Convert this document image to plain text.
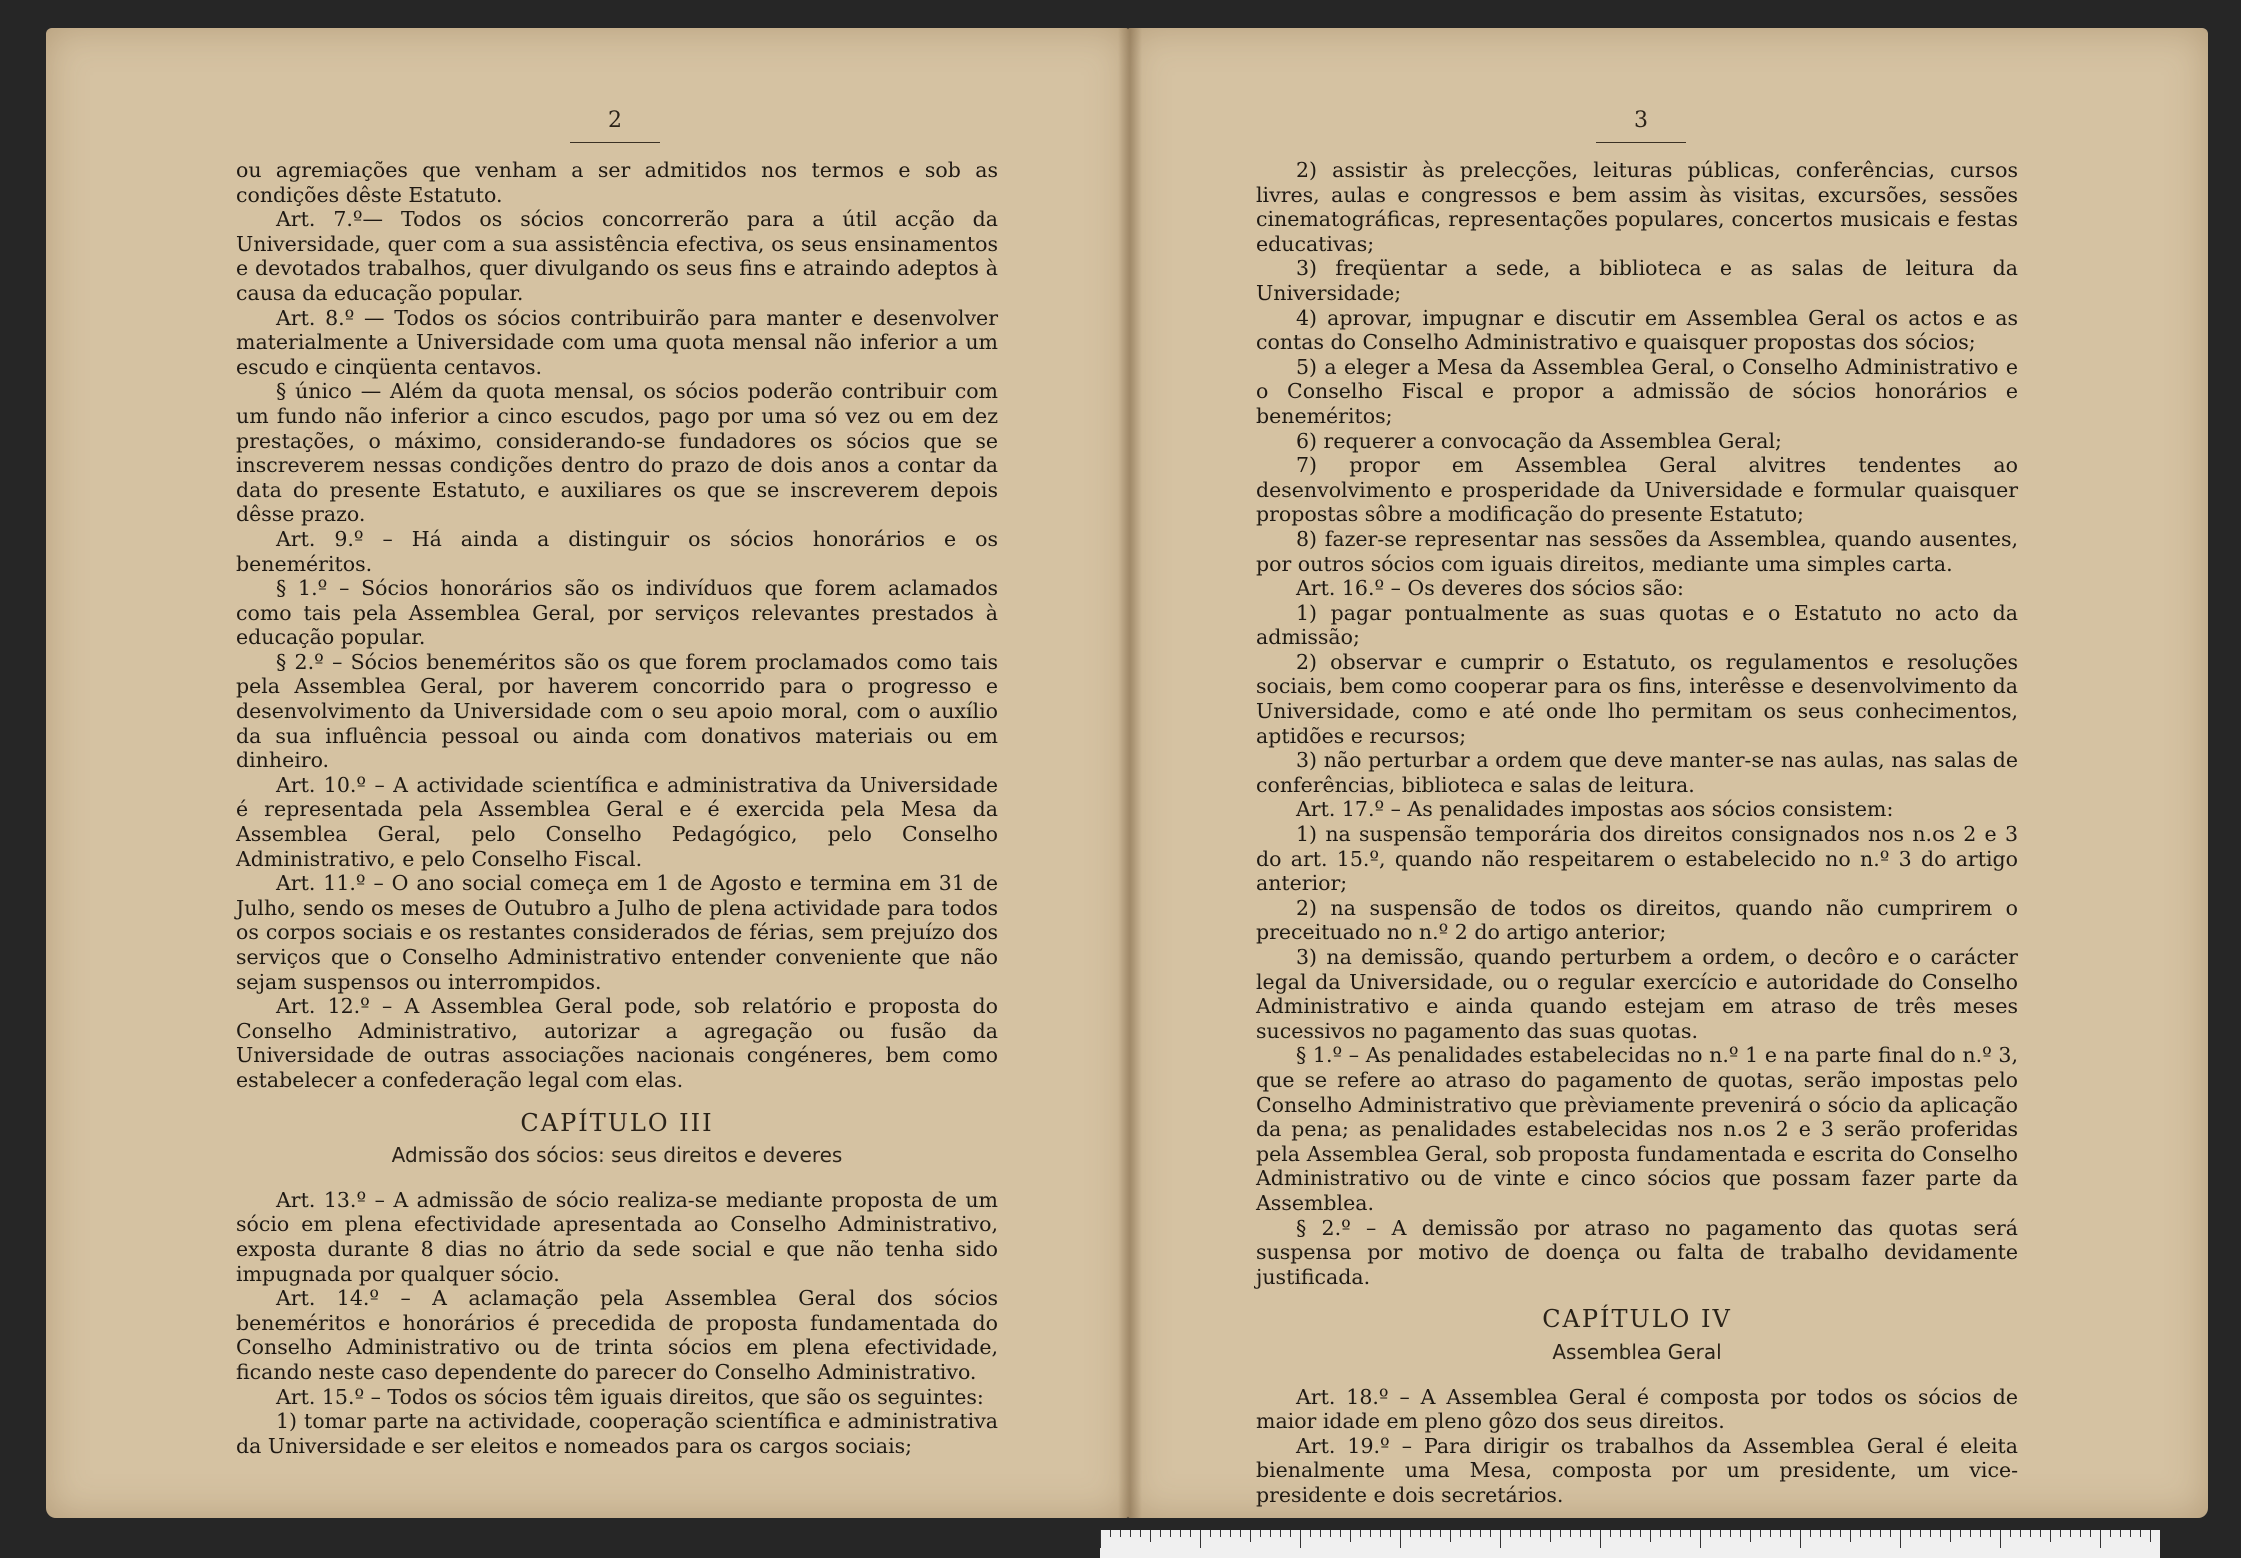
2

ou agremiações que venham a ser admitidos nos termos e sob as condições dêste Estatuto.

Art. 7.º— Todos os sócios concorrerão para a útil acção da Universidade, quer com a sua assistência efectiva, os seus ensinamentos e devotados trabalhos, quer divulgando os seus fins e atraindo adeptos à causa da educação popular.

Art. 8.º — Todos os sócios contribuirão para manter e desenvolver materialmente a Universidade com uma quota mensal não inferior a um escudo e cinqüenta centavos.

§ único — Além da quota mensal, os sócios poderão contribuir com um fundo não inferior a cinco escudos, pago por uma só vez ou em dez prestações, o máximo, considerando-se fundadores os sócios que se inscreverem nessas condições dentro do prazo de dois anos a contar da data do presente Estatuto, e auxiliares os que se inscreverem depois dêsse prazo.

Art. 9.º – Há ainda a distinguir os sócios honorários e os beneméritos.

§ 1.º – Sócios honorários são os indivíduos que forem aclamados como tais pela Assemblea Geral, por serviços relevantes prestados à educação popular.

§ 2.º – Sócios beneméritos são os que forem proclamados como tais pela Assemblea Geral, por haverem concorrido para o progresso e desenvolvimento da Universidade com o seu apoio moral, com o auxílio da sua influência pessoal ou ainda com donativos materiais ou em dinheiro.

Art. 10.º – A actividade scientífica e administrativa da Universidade é representada pela Assemblea Geral e é exercida pela Mesa da Assemblea Geral, pelo Conselho Pedagógico, pelo Conselho Administrativo, e pelo Conselho Fiscal.

Art. 11.º – O ano social começa em 1 de Agosto e termina em 31 de Julho, sendo os meses de Outubro a Julho de plena actividade para todos os corpos sociais e os restantes considerados de férias, sem prejuízo dos serviços que o Conselho Administrativo entender conveniente que não sejam suspensos ou interrompidos.

Art. 12.º – A Assemblea Geral pode, sob relatório e proposta do Conselho Administrativo, autorizar a agregação ou fusão da Universidade de outras associações nacionais congéneres, bem como estabelecer a confederação legal com elas.

CAPÍTULO III
Admissão dos sócios: seus direitos e deveres

Art. 13.º – A admissão de sócio realiza-se mediante proposta de um sócio em plena efectividade apresentada ao Conselho Administrativo, exposta durante 8 dias no átrio da sede social e que não tenha sido impugnada por qualquer sócio.

Art. 14.º – A aclamação pela Assemblea Geral dos sócios beneméritos e honorários é precedida de proposta fundamentada do Conselho Administrativo ou de trinta sócios em plena efectividade, ficando neste caso dependente do parecer do Conselho Administrativo.

Art. 15.º – Todos os sócios têm iguais direitos, que são os seguintes:

1) tomar parte na actividade, cooperação scientífica e administrativa da Universidade e ser eleitos e nomeados para os cargos sociais;

3

2) assistir às prelecções, leituras públicas, conferências, cursos livres, aulas e congressos e bem assim às visitas, excursões, sessões cinematográficas, representações populares, concertos musicais e festas educativas;

3) freqüentar a sede, a biblioteca e as salas de leitura da Universidade;

4) aprovar, impugnar e discutir em Assemblea Geral os actos e as contas do Conselho Administrativo e quaisquer propostas dos sócios;

5) a eleger a Mesa da Assemblea Geral, o Conselho Administrativo e o Conselho Fiscal e propor a admissão de sócios honorários e beneméritos;

6) requerer a convocação da Assemblea Geral;

7) propor em Assemblea Geral alvitres tendentes ao desenvolvimento e prosperidade da Universidade e formular quaisquer propostas sôbre a modificação do presente Estatuto;

8) fazer-se representar nas sessões da Assemblea, quando ausentes, por outros sócios com iguais direitos, mediante uma simples carta.

Art. 16.º – Os deveres dos sócios são:

1) pagar pontualmente as suas quotas e o Estatuto no acto da admissão;

2) observar e cumprir o Estatuto, os regulamentos e resoluções sociais, bem como cooperar para os fins, interêsse e desenvolvimento da Universidade, como e até onde lho permitam os seus conhecimentos, aptidões e recursos;

3) não perturbar a ordem que deve manter-se nas aulas, nas salas de conferências, biblioteca e salas de leitura.

Art. 17.º – As penalidades impostas aos sócios consistem:

1) na suspensão temporária dos direitos consignados nos n.os 2 e 3 do art. 15.º, quando não respeitarem o estabelecido no n.º 3 do artigo anterior;

2) na suspensão de todos os direitos, quando não cumprirem o preceituado no n.º 2 do artigo anterior;

3) na demissão, quando perturbem a ordem, o decôro e o carácter legal da Universidade, ou o regular exercício e autoridade do Conselho Administrativo e ainda quando estejam em atraso de três meses sucessivos no pagamento das suas quotas.

§ 1.º – As penalidades estabelecidas no n.º 1 e na parte final do n.º 3, que se refere ao atraso do pagamento de quotas, serão impostas pelo Conselho Administrativo que prèviamente prevenirá o sócio da aplicação da pena; as penalidades estabelecidas nos n.os 2 e 3 serão proferidas pela Assemblea Geral, sob proposta fundamentada e escrita do Conselho Administrativo ou de vinte e cinco sócios que possam fazer parte da Assemblea.

§ 2.º – A demissão por atraso no pagamento das quotas será suspensa por motivo de doença ou falta de trabalho devidamente justificada.

CAPÍTULO IV
Assemblea Geral

Art. 18.º – A Assemblea Geral é composta por todos os sócios de maior idade em pleno gôzo dos seus direitos.

Art. 19.º – Para dirigir os trabalhos da Assemblea Geral é eleita bienalmente uma Mesa, composta por um presidente, um vice-presidente e dois secretários.
